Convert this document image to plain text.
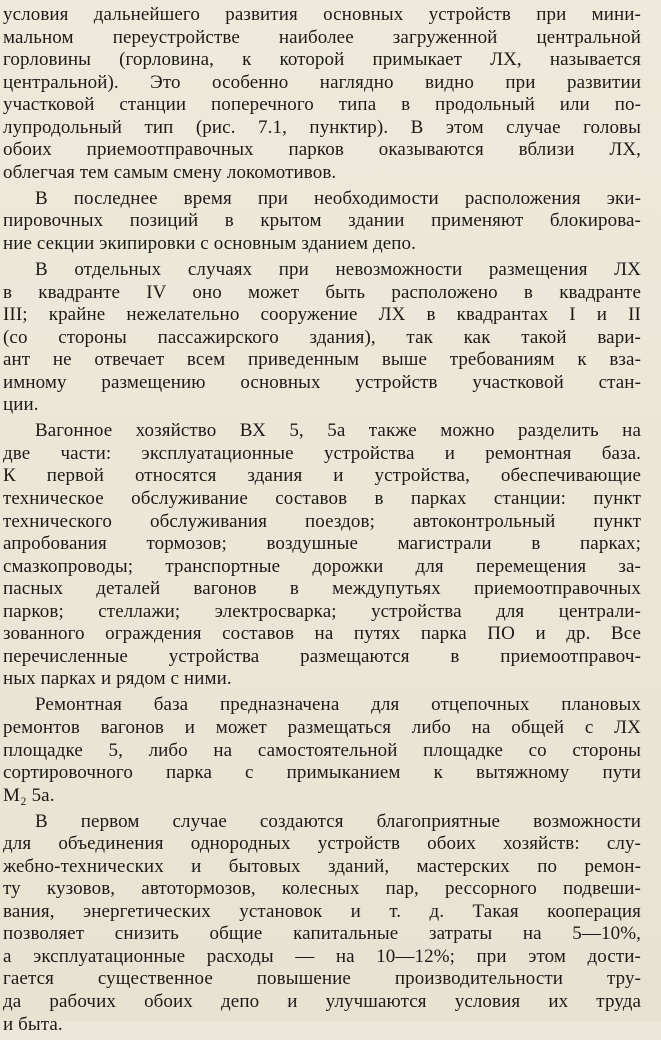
условия дальнейшего развития основных устройств при мини-
мальном переустройстве наиболее загруженной центральной
горловины (горловина, к которой примыкает ЛХ, называется
центральной). Это особенно наглядно видно при развитии
участковой станции поперечного типа в продольный или по-
лупродольный тип (рис. 7.1, пунктир). В этом случае головы
обоих приемоотправочных парков оказываются вблизи ЛХ,
облегчая тем самым смену локомотивов.
В последнее время при необходимости расположения эки-
пировочных позиций в крытом здании применяют блокирова-
ние секции экипировки с основным зданием депо.
В отдельных случаях при невозможности размещения ЛХ
в квадранте IV оно может быть расположено в квадранте
III; крайне нежелательно сооружение ЛХ в квадрантах I и II
(со стороны пассажирского здания), так как такой вари-
ант не отвечает всем приведенным выше требованиям к вза-
имному размещению основных устройств участковой стан-
ции.
Вагонное хозяйство ВХ 5, 5а также можно разделить на
две части: эксплуатационные устройства и ремонтная база.
К первой относятся здания и устройства, обеспечивающие
техническое обслуживание составов в парках станции: пункт
технического обслуживания поездов; автоконтрольный пункт
апробования тормозов; воздушные магистрали в парках;
смазкопроводы; транспортные дорожки для перемещения за-
пасных деталей вагонов в междупутьях приемоотправочных
парков; стеллажи; электросварка; устройства для централи-
зованного ограждения составов на путях парка ПО и др. Все
перечисленные устройства размещаются в приемоотправоч-
ных парках и рядом с ними.
Ремонтная база предназначена для отцепочных плановых
ремонтов вагонов и может размещаться либо на общей с ЛХ
площадке 5, либо на самостоятельной площадке со стороны
сортировочного парка с примыканием к вытяжному пути
М₂ 5а.
В первом случае создаются благоприятные возможности
для объединения однородных устройств обоих хозяйств: слу-
жебно-технических и бытовых зданий, мастерских по ремон-
ту кузовов, автотормозов, колесных пар, рессорного подвеши-
вания, энергетических установок и т. д. Такая кооперация
позволяет снизить общие капитальные затраты на 5—10%,
а эксплуатационные расходы — на 10—12%; при этом дости-
гается существенное повышение производительности тру-
да рабочих обоих депо и улучшаются условия их труда
и быта.
